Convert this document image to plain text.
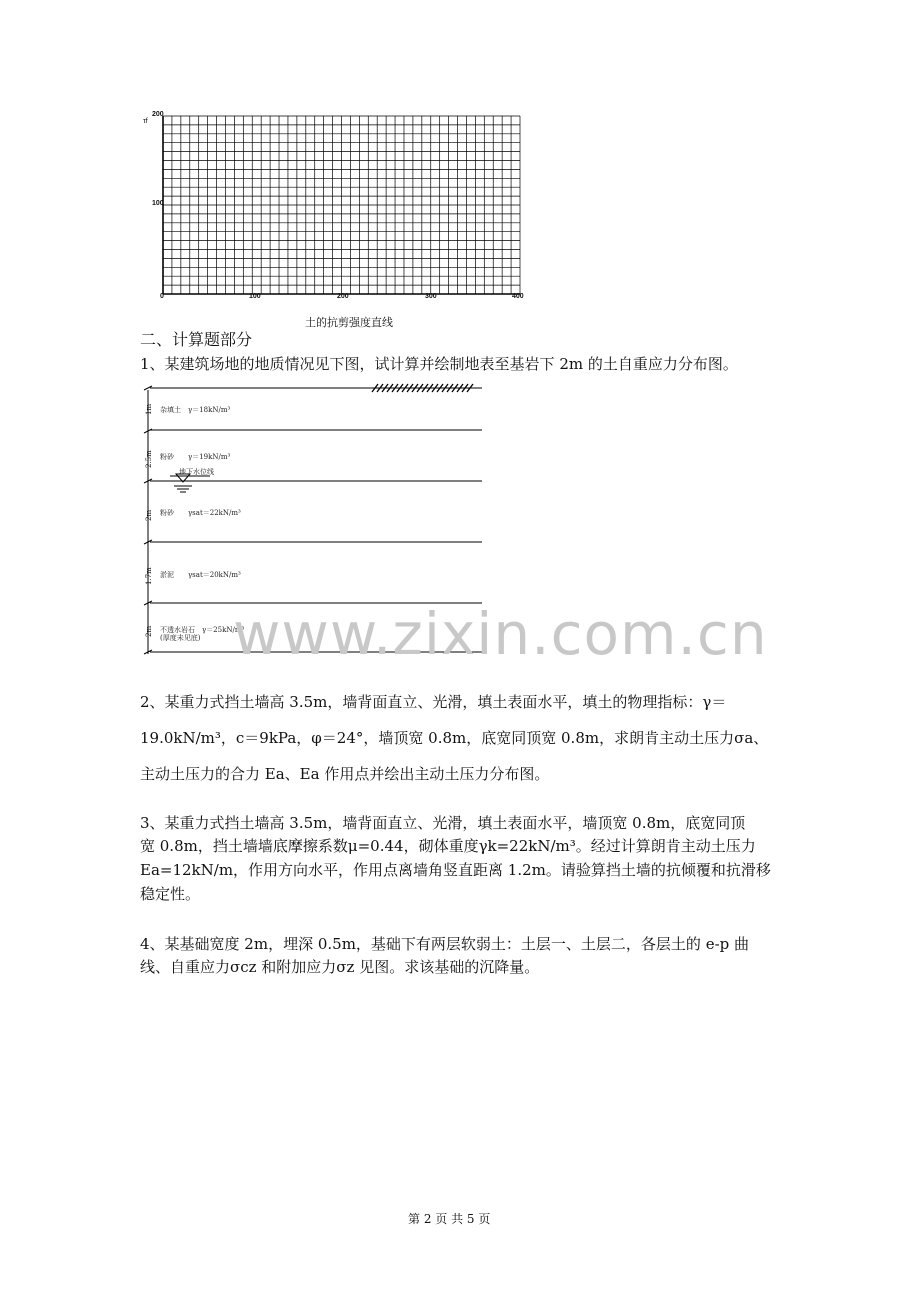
τf
200
100
0	100	200	300	400
土的抗剪强度直线
二、计算题部分
1、某建筑场地的地质情况见下图，试计算并绘制地表至基岩下 2m 的土自重应力分布图。
1m
2.5m
2m
1.7m
2m
杂填土　γ＝18kN/m³
粉砂　　γ＝19kN/m³
地下水位线
粉砂　　γsat＝22kN/m³
淤泥　　γsat＝20kN/m³
不透水岩石　γ＝25kN/m³
(厚度未见底) www.zixin.com.cn
2、某重力式挡土墙高 3.5m，墙背面直立、光滑，填土表面水平，填土的物理指标：γ＝
19.0kN/m³，c＝9kPa，φ＝24°，墙顶宽 0.8m，底宽同顶宽 0.8m，求朗肯主动土压力σa、
主动土压力的合力 Ea、Ea 作用点并绘出主动土压力分布图。
3、某重力式挡土墙高 3.5m，墙背面直立、光滑，填土表面水平，墙顶宽 0.8m，底宽同顶
宽 0.8m，挡土墙墙底摩擦系数μ=0.44，砌体重度γk=22kN/m³。经过计算朗肯主动土压力
Ea=12kN/m，作用方向水平，作用点离墙角竖直距离 1.2m。请验算挡土墙的抗倾覆和抗滑移
稳定性。
4、某基础宽度 2m，埋深 0.5m，基础下有两层软弱土：土层一、土层二，各层土的 e-p 曲
线、自重应力σcz 和附加应力σz 见图。求该基础的沉降量。
第 2 页 共 5 页
